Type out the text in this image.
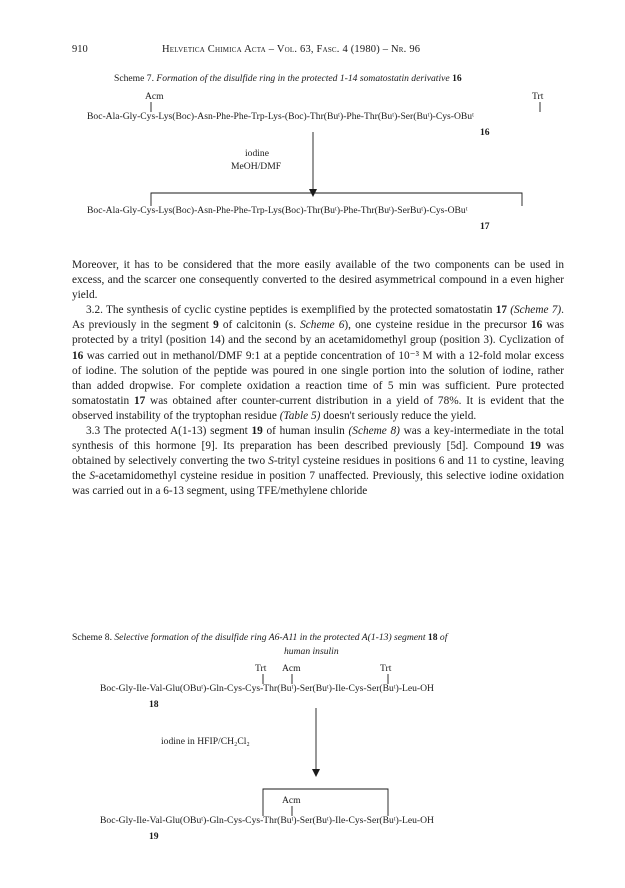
910	Helvetica Chimica Acta – Vol. 63, Fasc. 4 (1980) – Nr. 96
Scheme 7. Formation of the disulfide ring in the protected 1-14 somatostatin derivative 16
Acm	Trt
Boc-Ala-Gly-Cys-Lys(Boc)-Asn-Phe-Phe-Trp-Lys-(Boc)-Thr(Buᵗ)-Phe-Thr(Buᵗ)-Ser(Buᵗ)-Cys-OBuᵗ
16
iodine
MeOH/DMF
Boc-Ala-Gly-Cys-Lys(Boc)-Asn-Phe-Phe-Trp-Lys(Boc)-Thr(Buᵗ)-Phe-Thr(Buᵗ)-SerBuᵗ)-Cys-OBuᵗ
17

Moreover, it has to be considered that the more easily available of the two components can be used in excess, and the scarcer one consequently converted to the desired asymmetrical compound in a even higher yield.

3.2. The synthesis of cyclic cystine peptides is exemplified by the protected somatostatin 17 (Scheme 7). As previously in the segment 9 of calcitonin (s. Scheme 6), one cysteine residue in the precursor 16 was protected by a trityl (position 14) and the second by an acetamidomethyl group (position 3). Cyclization of 16 was carried out in methanol/DMF 9:1 at a peptide concentration of 10⁻³ M with a 12-fold molar excess of iodine. The solution of the peptide was poured in one single portion into the solution of iodine, rather than added dropwise. For complete oxidation a reaction time of 5 min was sufficient. Pure protected somatostatin 17 was obtained after counter-current distribution in a yield of 78%. It is evident that the observed instability of the tryptophan residue (Table 5) doesn't seriously reduce the yield.

3.3 The protected A(1-13) segment 19 of human insulin (Scheme 8) was a key-intermediate in the total synthesis of this hormone [9]. Its preparation has been described previously [5d]. Compound 19 was obtained by selectively converting the two S-trityl cysteine residues in positions 6 and 11 to cystine, leaving the S-acetamidomethyl cysteine residue in position 7 unaffected. Previously, this selective iodine oxidation was carried out in a 6-13 segment, using TFE/methylene chloride

Scheme 8. Selective formation of the disulfide ring A6-A11 in the protected A(1-13) segment 18 of
human insulin
Trt Acm	Trt
Boc-Gly-Ile-Val-Glu(OBuᵗ)-Gln-Cys-Cys-Thr(Buᵗ)-Ser(Buᵗ)-Ile-Cys-Ser(Buᵗ)-Leu-OH
18
iodine in HFIP/CH₂Cl₂
Acm
Boc-Gly-Ile-Val-Glu(OBuᵗ)-Gln-Cys-Cys-Thr(Buᵗ)-Ser(Buᵗ)-Ile-Cys-Ser(Buᵗ)-Leu-OH
19
